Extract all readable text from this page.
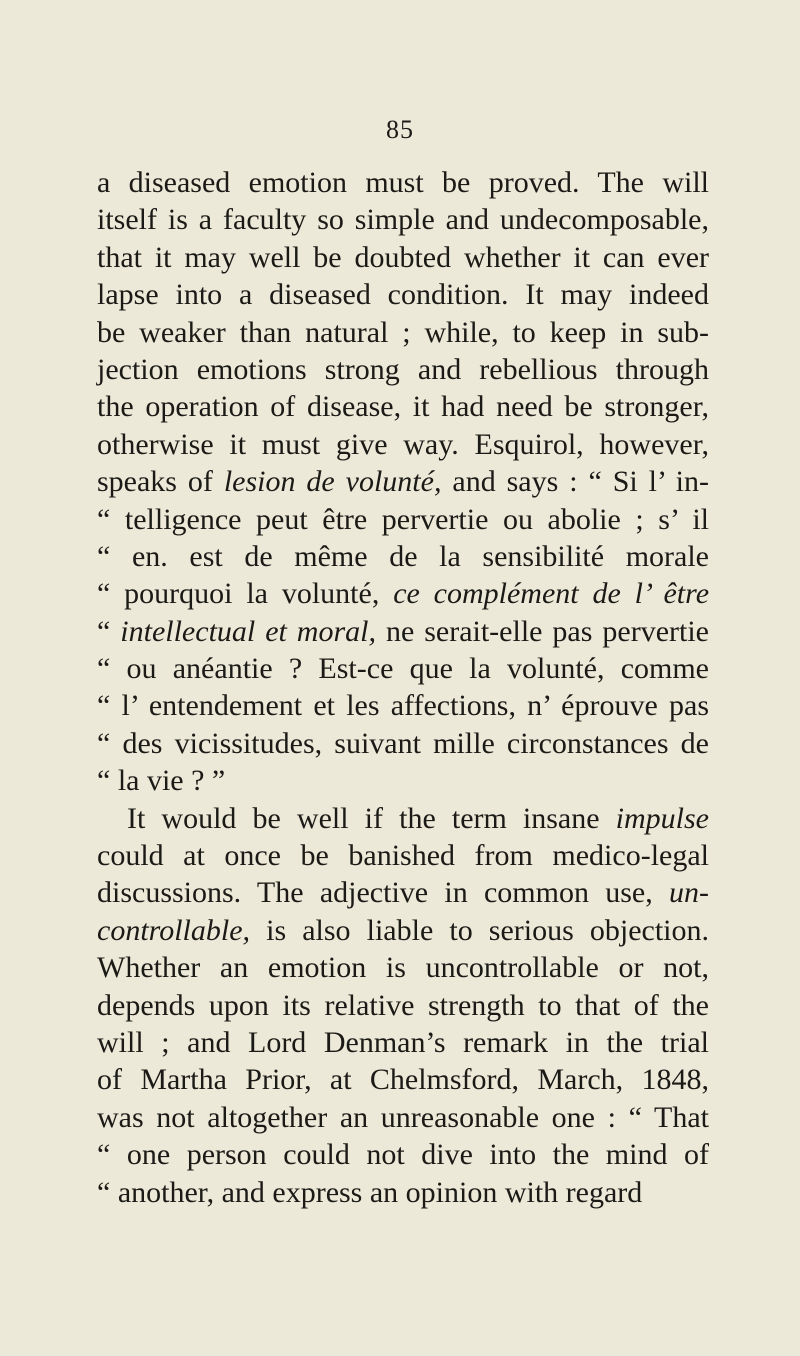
85
a diseased emotion must be proved. The will
itself is a faculty so simple and undecomposable,
that it may well be doubted whether it can ever
lapse into a diseased condition. It may indeed
be weaker than natural ; while, to keep in sub-
jection emotions strong and rebellious through
the operation of disease, it had need be stronger,
otherwise it must give way. Esquirol, however,
speaks of lesion de volunté, and says : “ Si l’ in-
“ telligence peut être pervertie ou abolie ; s’ il
“ en. est de même de la sensibilité morale
“ pourquoi la volunté, ce complément de l’ être
“ intellectual et moral, ne serait-elle pas pervertie
“ ou anéantie ? Est-ce que la volunté, comme
“ l’ entendement et les affections, n’ éprouve pas
“ des vicissitudes, suivant mille circonstances de
“ la vie ? ”
It would be well if the term insane impulse
could at once be banished from medico-legal
discussions. The adjective in common use, un-
controllable, is also liable to serious objection.
Whether an emotion is uncontrollable or not,
depends upon its relative strength to that of the
will ; and Lord Denman’s remark in the trial
of Martha Prior, at Chelmsford, March, 1848,
was not altogether an unreasonable one : “ That
“ one person could not dive into the mind of
“ another, and express an opinion with regard
